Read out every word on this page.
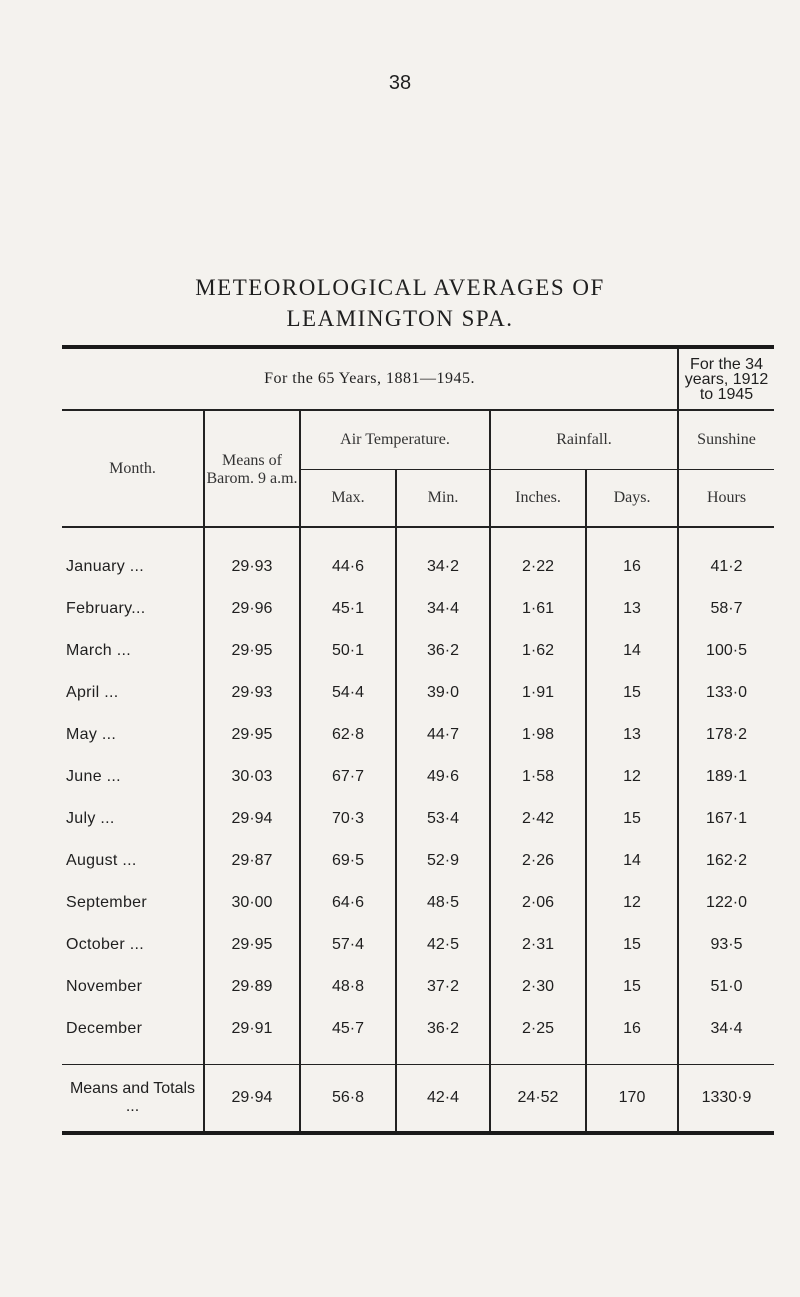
38
METEOROLOGICAL AVERAGES OF
LEAMINGTON SPA.
For the 65 Years, 1881—1945.						For the 34 years, 1912 to 1945
Month.	Means of Barom. 9 a.m.	Air Temperature.		Rainfall.		Sunshine
		Max.	Min.	Inches.	Days.	Hours
January ...	29·93	44·6	34·2	2·22	16	41·2
February...	29·96	45·1	34·4	1·61	13	58·7
March ...	29·95	50·1	36·2	1·62	14	100·5
April ...	29·93	54·4	39·0	1·91	15	133·0
May ...	29·95	62·8	44·7	1·98	13	178·2
June ...	30·03	67·7	49·6	1·58	12	189·1
July ...	29·94	70·3	53·4	2·42	15	167·1
August ...	29·87	69·5	52·9	2·26	14	162·2
September	30·00	64·6	48·5	2·06	12	122·0
October ...	29·95	57·4	42·5	2·31	15	93·5
November	29·89	48·8	37·2	2·30	15	51·0
December	29·91	45·7	36·2	2·25	16	34·4
Means and Totals ...	29·94	56·8	42·4	24·52	170	1330·9
